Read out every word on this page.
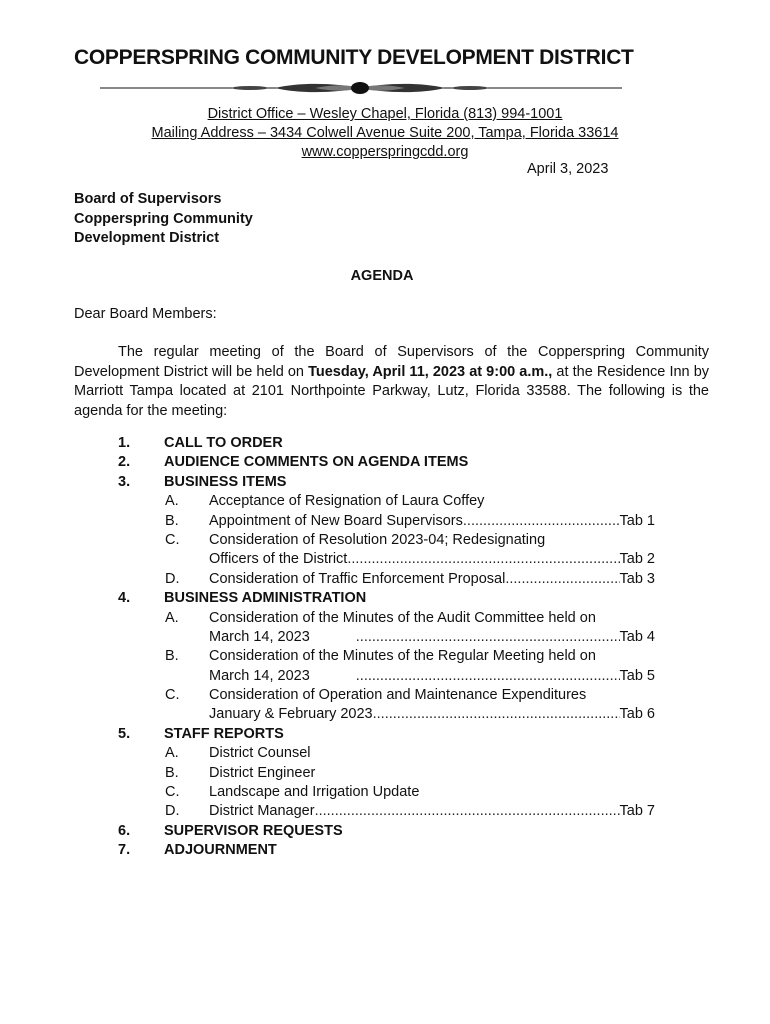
COPPERSPRING COMMUNITY DEVELOPMENT DISTRICT
District Office – Wesley Chapel, Florida (813) 994-1001
Mailing Address – 3434 Colwell Avenue Suite 200, Tampa, Florida 33614
www.copperspringcdd.org
April 3, 2023
Board of Supervisors
Copperspring Community
Development District
AGENDA
Dear Board Members:
The regular meeting of the Board of Supervisors of the Copperspring Community Development District will be held on Tuesday, April 11, 2023 at 9:00 a.m., at the Residence Inn by Marriott Tampa located at 2101 Northpointe Parkway, Lutz, Florida 33588. The following is the agenda for the meeting:
1. CALL TO ORDER
2. AUDIENCE COMMENTS ON AGENDA ITEMS
3. BUSINESS ITEMS
A. Acceptance of Resignation of Laura Coffey
B. Appointment of New Board Supervisors .....	Tab 1
C. Consideration of Resolution 2023-04; Redesignating
Officers of the District .....	Tab 2
D. Consideration of Traffic Enforcement Proposal .....	Tab 3
4. BUSINESS ADMINISTRATION
A. Consideration of the Minutes of the Audit Committee held on
March 14, 2023 .....	Tab 4
B. Consideration of the Minutes of the Regular Meeting held on
March 14, 2023 .....	Tab 5
C. Consideration of Operation and Maintenance Expenditures
January & February 2023 .....	Tab 6
5. STAFF REPORTS
A. District Counsel
B. District Engineer
C. Landscape and Irrigation Update
D. District Manager .....	Tab 7
6. SUPERVISOR REQUESTS
7. ADJOURNMENT
